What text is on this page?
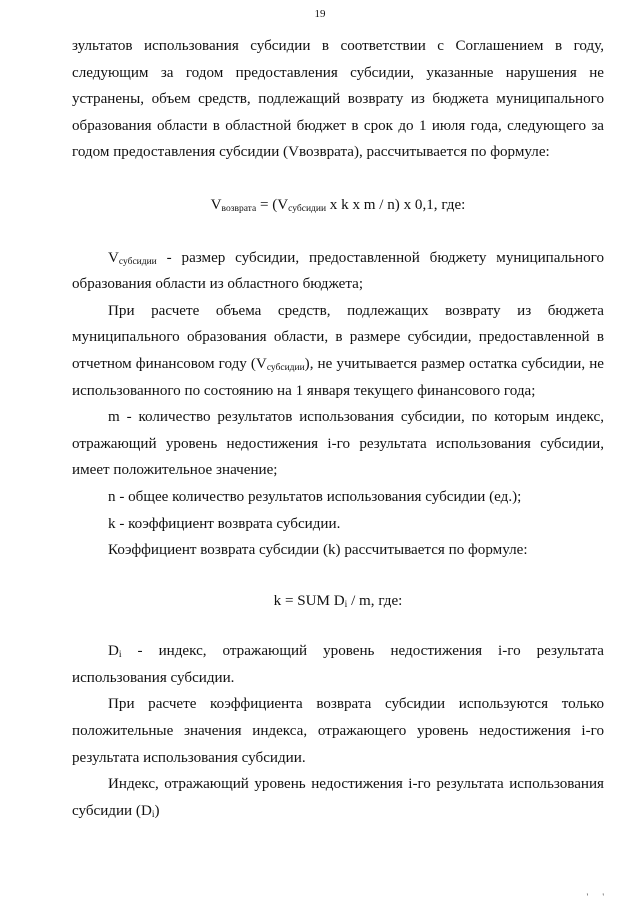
19

зультатов использования субсидии в соответствии с Соглашением в году, следующим за годом предоставления субсидии, указанные нарушения не устранены, объем средств, подлежащий возврату из бюджета муниципального образования области в областной бюджет в срок до 1 июля года, следующего за годом предоставления субсидии (Vвозврата), рассчитывается по формуле:

$V_{возврата} = (V_{субсидии}$ x k x m / n) x 0,1, где:

$V_{субсидии}$ - размер субсидии, предоставленной бюджету муниципального образования области из областного бюджета;

При расчете объема средств, подлежащих возврату из бюджета муниципального образования области, в размере субсидии, предоставленной в отчетном финансовом году $(V_{субсидии})$, не учитывается размер остатка субсидии, не использованного по состоянию на 1 января текущего финансового года;

m - количество результатов использования субсидии, по которым индекс, отражающий уровень недостижения i-го результата использования субсидии, имеет положительное значение;

n - общее количество результатов использования субсидии (ед.);

k - коэффициент возврата субсидии.

Коэффициент возврата субсидии (k) рассчитывается по формуле:

k = SUM $D_i$ / m, где:

$D_i$ - индекс, отражающий уровень недостижения i-го результата использования субсидии.

При расчете коэффициента возврата субсидии используются только положительные значения индекса, отражающего уровень недостижения i-го результата использования субсидии.

Индекс, отражающий уровень недостижения i-го результата использования субсидии $(D_i)$

' '
